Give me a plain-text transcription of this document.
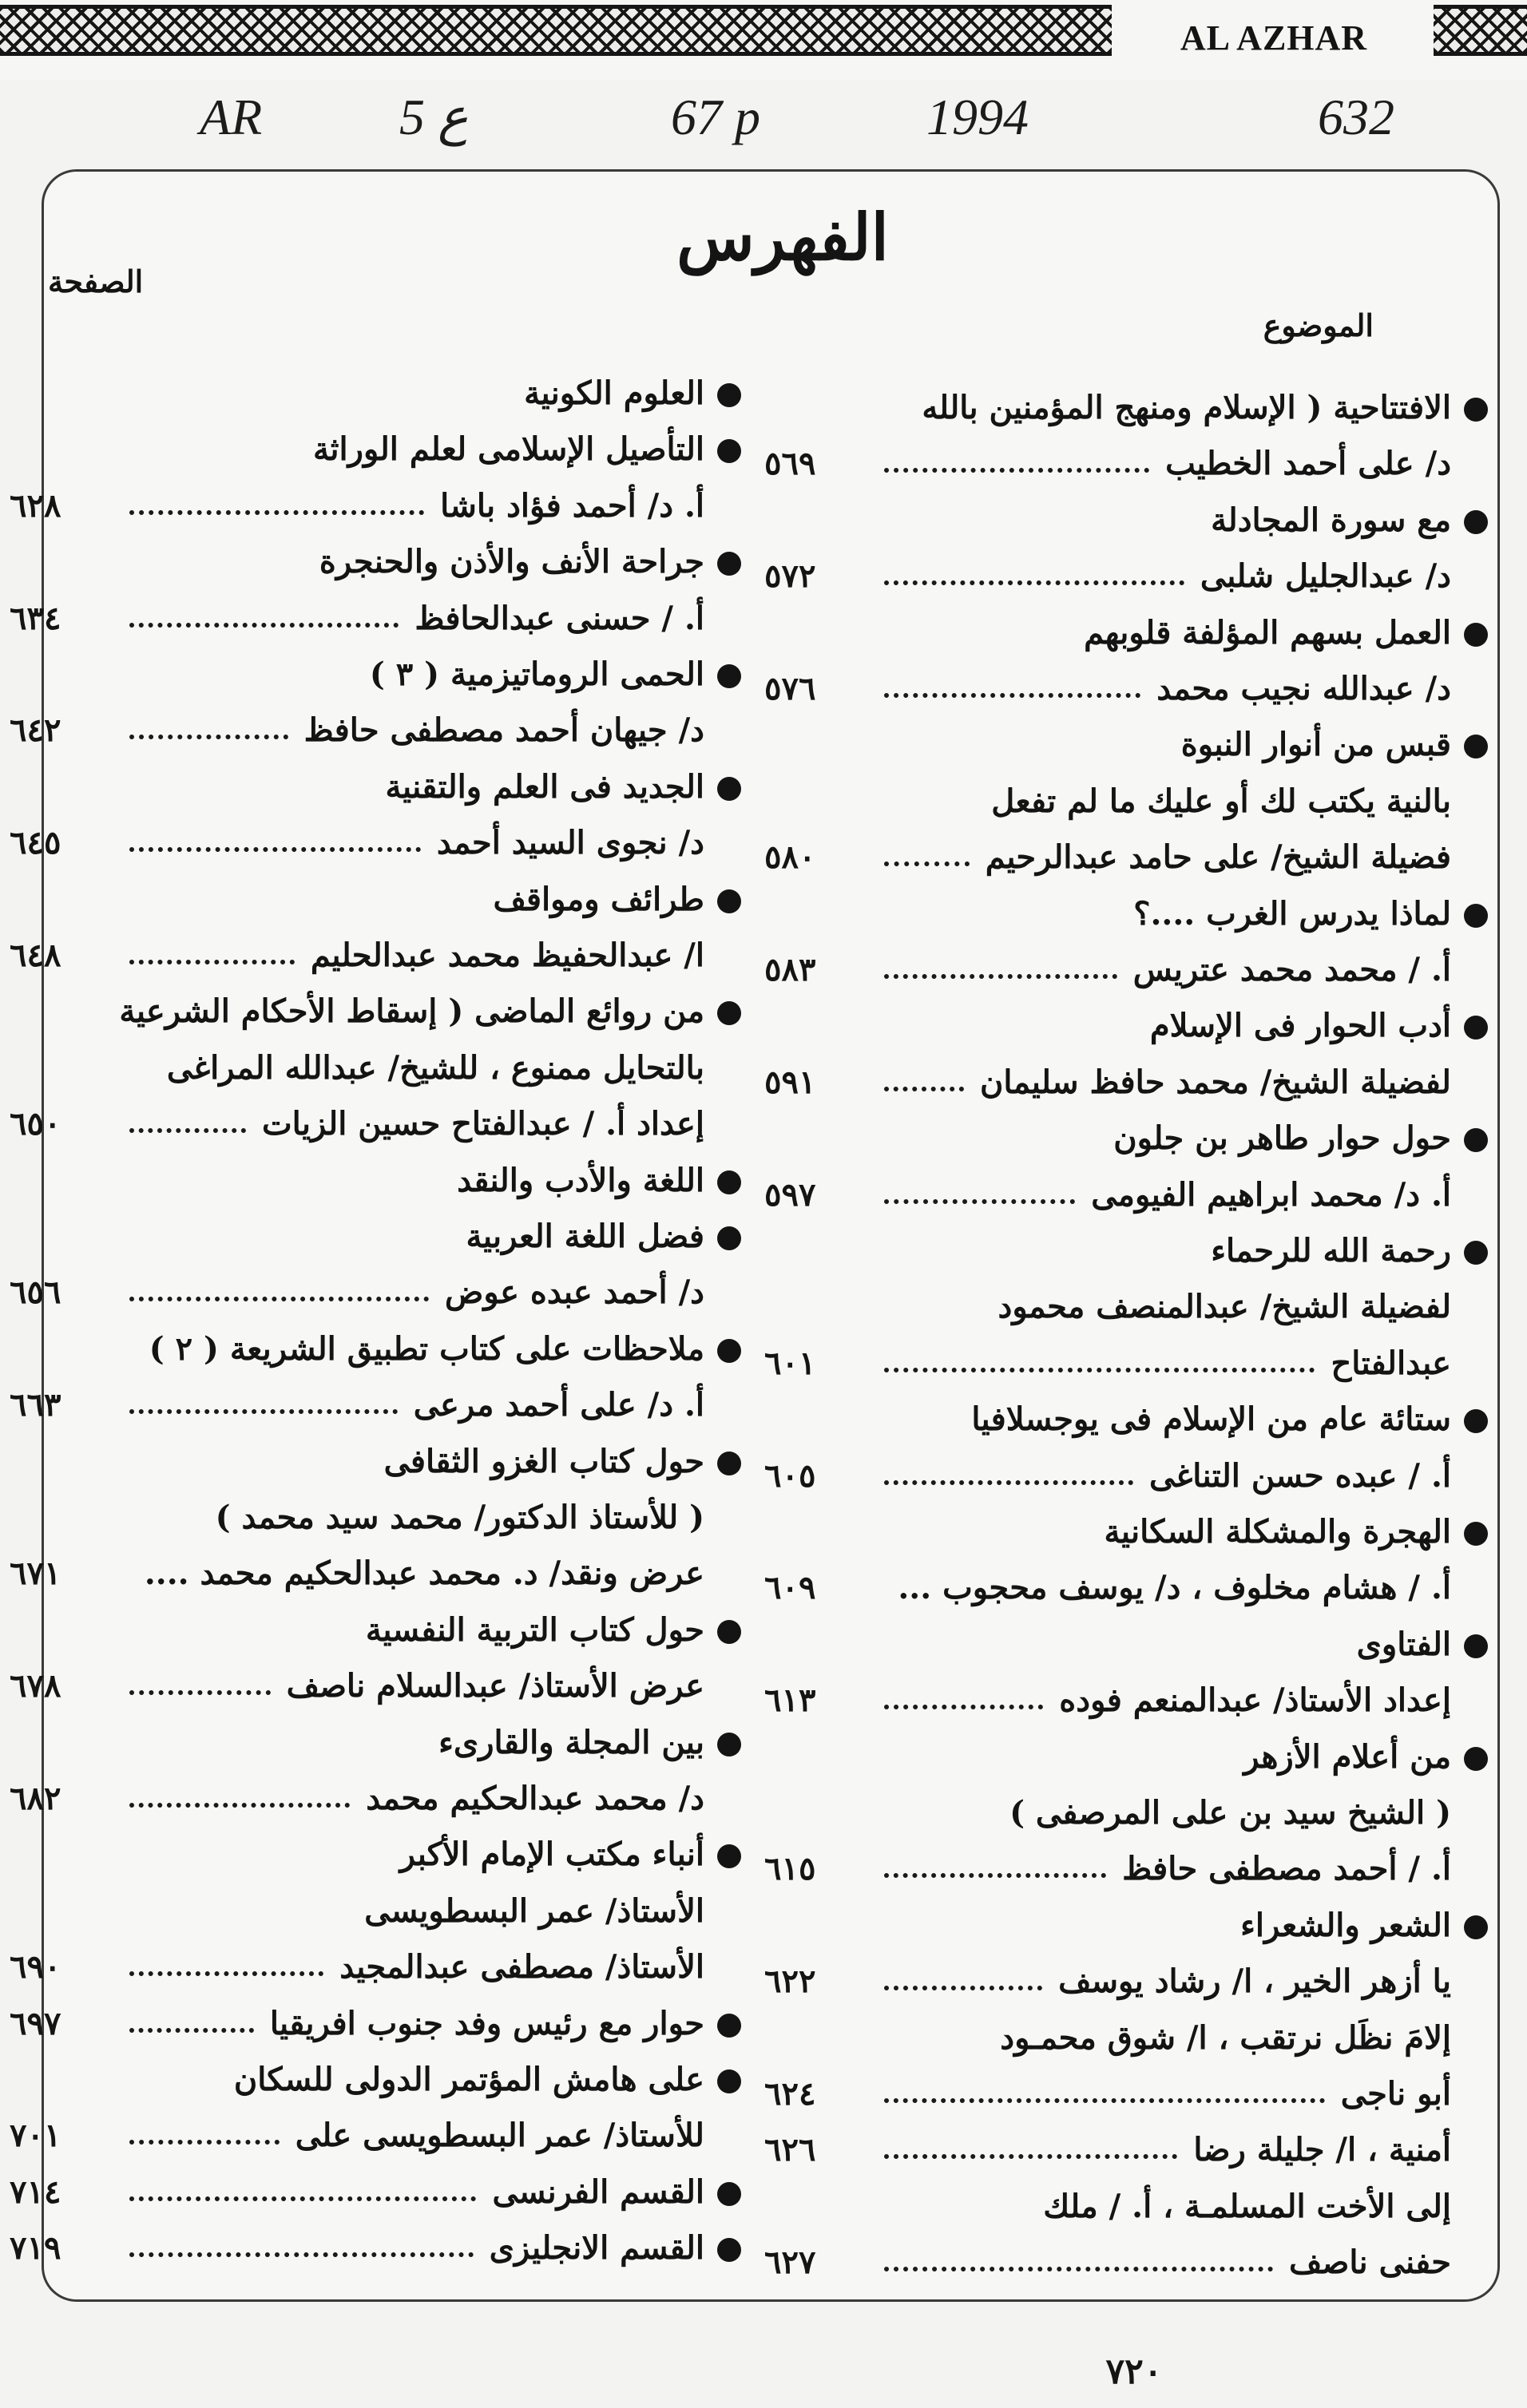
AL AZHAR
AR	5 ع	67 p	1994	632
الفهرس
الموضوع
الصفحة
٧٢٠
الافتتاحية ( الإسلام ومنهج المؤمنين بالله
د/ على أحمد الخطيب
٥٦٩
مع سورة المجادلة
د/ عبدالجليل شلبى
٥٧٢
العمل بسهم المؤلفة قلوبهم
د/ عبدالله نجيب محمد
٥٧٦
قبس من أنوار النبوة
بالنية يكتب لك أو عليك ما لم تفعل
فضيلة الشيخ/ على حامد عبدالرحيم
٥٨٠
لماذا يدرس الغرب ....؟
أ. / محمد محمد عتريس
٥٨٣
أدب الحوار فى الإسلام
لفضيلة الشيخ/ محمد حافظ سليمان
٥٩١
حول حوار طاهر بن جلون
أ. د/ محمد ابراهيم الفيومى
٥٩٧
رحمة الله للرحماء
لفضيلة الشيخ/ عبدالمنصف محمود
عبدالفتاح
٦٠١
ستائة عام من الإسلام فى يوجسلافيا
أ. / عبده حسن التناغى
٦٠٥
الهجرة والمشكلة السكانية
أ. / هشام مخلوف ، د/ يوسف محجوب ...
٦٠٩
الفتاوى
إعداد الأستاذ/ عبدالمنعم فوده
٦١٣
من أعلام الأزهر
( الشيخ سيد بن على المرصفى )
أ. / أحمد مصطفى حافظ
٦١٥
الشعر والشعراء
يا أزهر الخير ، ا/ رشاد يوسف
٦٢٢
إلامَ نظَل نرتقب ، ا/ شوق محمـود
أبو ناجى
٦٢٤
أمنية ، ا/ جليلة رضا
٦٢٦
إلى الأخت المسلمـة ، أ. / ملك
حفنى ناصف
٦٢٧
العلوم الكونية
التأصيل الإسلامى لعلم الوراثة
أ. د/ أحمد فؤاد باشا
٦٢٨
جراحة الأنف والأذن والحنجرة
أ. / حسنى عبدالحافظ
٦٣٤
الحمى الروماتيزمية ( ٣ )
د/ جيهان أحمد مصطفى حافظ
٦٤٢
الجديد فى العلم والتقنية
د/ نجوى السيد أحمد
٦٤٥
طرائف ومواقف
ا/ عبدالحفيظ محمد عبدالحليم
٦٤٨
من روائع الماضى ( إسقاط الأحكام الشرعية
بالتحايل ممنوع ، للشيخ/ عبدالله المراغى
إعداد أ. / عبدالفتاح حسين الزيات
٦٥٠
اللغة والأدب والنقد
فضل اللغة العربية
د/ أحمد عبده عوض
٦٥٦
ملاحظات على كتاب تطبيق الشريعة ( ٢ )
أ. د/ على أحمد مرعى
٦٦٣
حول كتاب الغزو الثقافى
( للأستاذ الدكتور/ محمد سيد محمد )
عرض ونقد/ د. محمد عبدالحكيم محمد ....
٦٧١
حول كتاب التربية النفسية
عرض الأستاذ/ عبدالسلام ناصف
٦٧٨
بين المجلة والقارىء
د/ محمد عبدالحكيم محمد
٦٨٢
أنباء مكتب الإمام الأكبر
الأستاذ/ عمر البسطويسى
الأستاذ/ مصطفى عبدالمجيد
٦٩٠
حوار مع رئيس وفد جنوب افريقيا
٦٩٧
على هامش المؤتمر الدولى للسكان
للأستاذ/ عمر البسطويسى على
٧٠١
القسم الفرنسى
٧١٤
القسم الانجليزى
٧١٩
